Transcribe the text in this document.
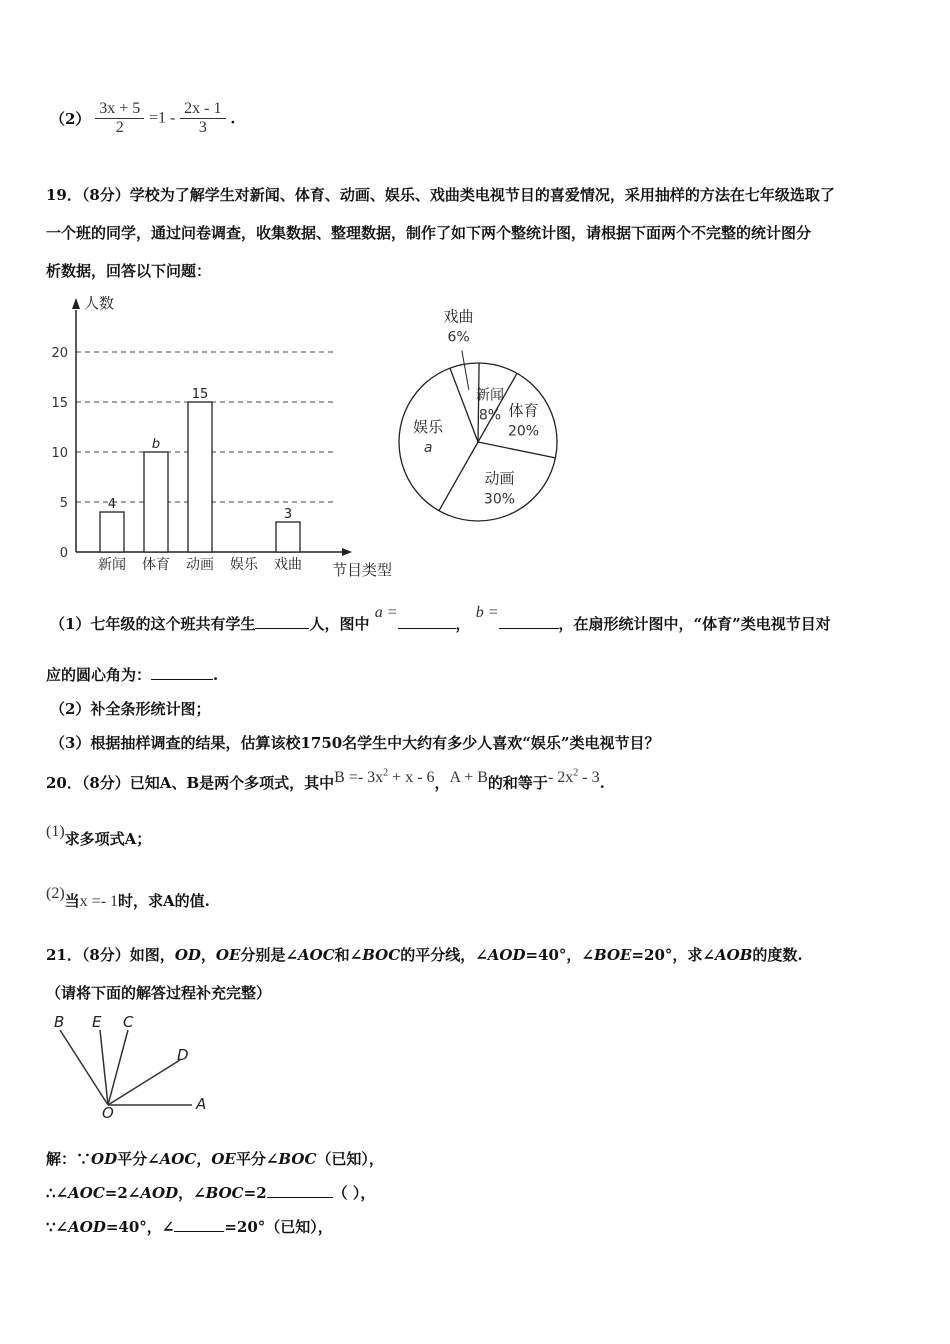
$(2) \frac{3x + 5}{2} =1 - \frac{2x - 1}{3}$ .
19．（8分）学校为了解学生对新闻、体育、动画、娱乐、戏曲类电视节目的喜爱情况，采用抽样的方法在七年级选取了
一个班的同学，通过问卷调查，收集数据、整理数据，制作了如下两个整统计图，请根据下面两个不完整的统计图分
析数据，回答以下问题：
0
5
10
15
20
人数
节目类型
新闻
4
体育
b
动画
15
娱乐 戏曲
3
戏曲
6%
新闻
8% 体育
20%
动画
30%
娱乐
a
（1）七年级的这个班共有学生	人，图中 a =， b =，在扇形统计图中，“体育”类电视节目对
应的圆心角为：	.
（2）补全条形统计图；
（3）根据抽样调查的结果，估算该校1750名学生中大约有多少人喜欢“娱乐”类电视节目？
20．（8分）已知A、B是两个多项式，其中$B =- 3x^2 + x - 6$，A + B的和等于- $2x^2 - 3$.
(1)求多项式A；
(2)当x =- 1时，求A的值.
21．（8分）如图，OD，OE分别是∠AOC和∠BOC的平分线，∠AOD=40°，∠BOE=20°，求∠AOB的度数.
（请将下面的解答过程补充完整）
B E C
D
O	A
解：∵OD平分∠AOC，OE平分∠BOC（已知），
∴∠AOC=2∠AOD，∠BOC=2	（ ），
∵∠AOD=40°，∠	=20°（已知），
